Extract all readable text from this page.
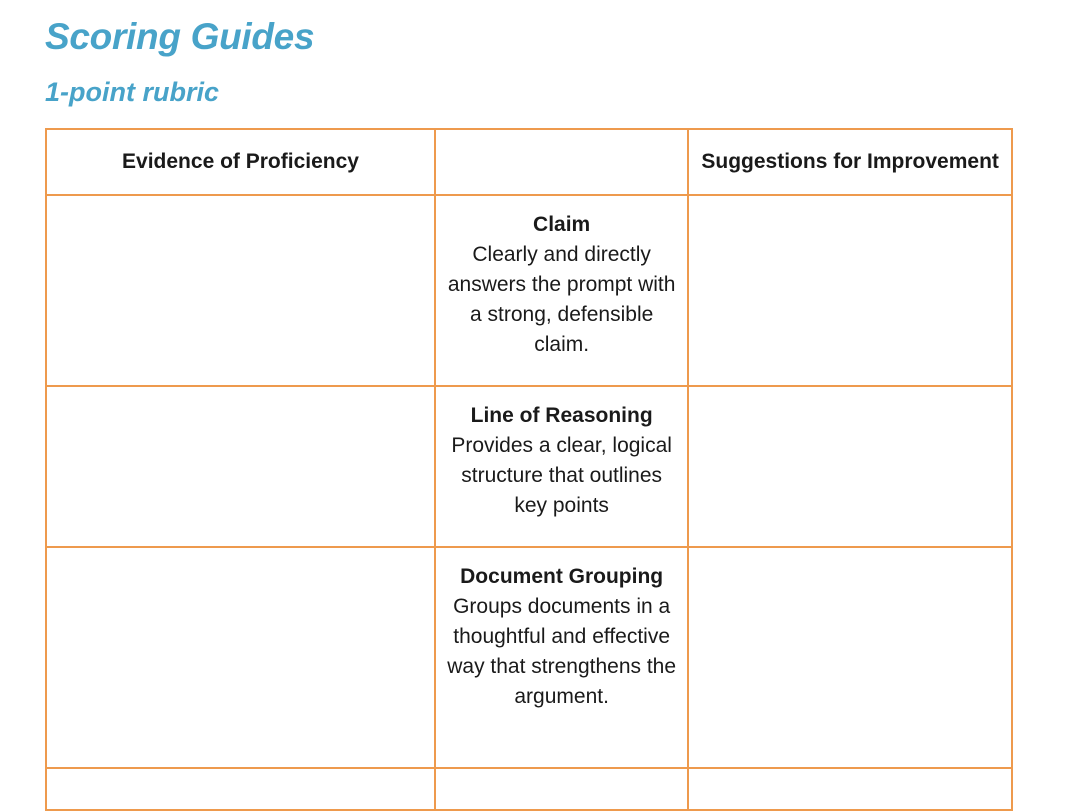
Scoring Guides
1-point rubric
Evidence of Proficiency		Suggestions for Improvement

	Claim
Clearly and directly answers the prompt with a strong, defensible claim.	

	Line of Reasoning
Provides a clear, logical structure that outlines key points	

	Document Grouping
Groups documents in a thoughtful and effective way that strengthens the argument.	
